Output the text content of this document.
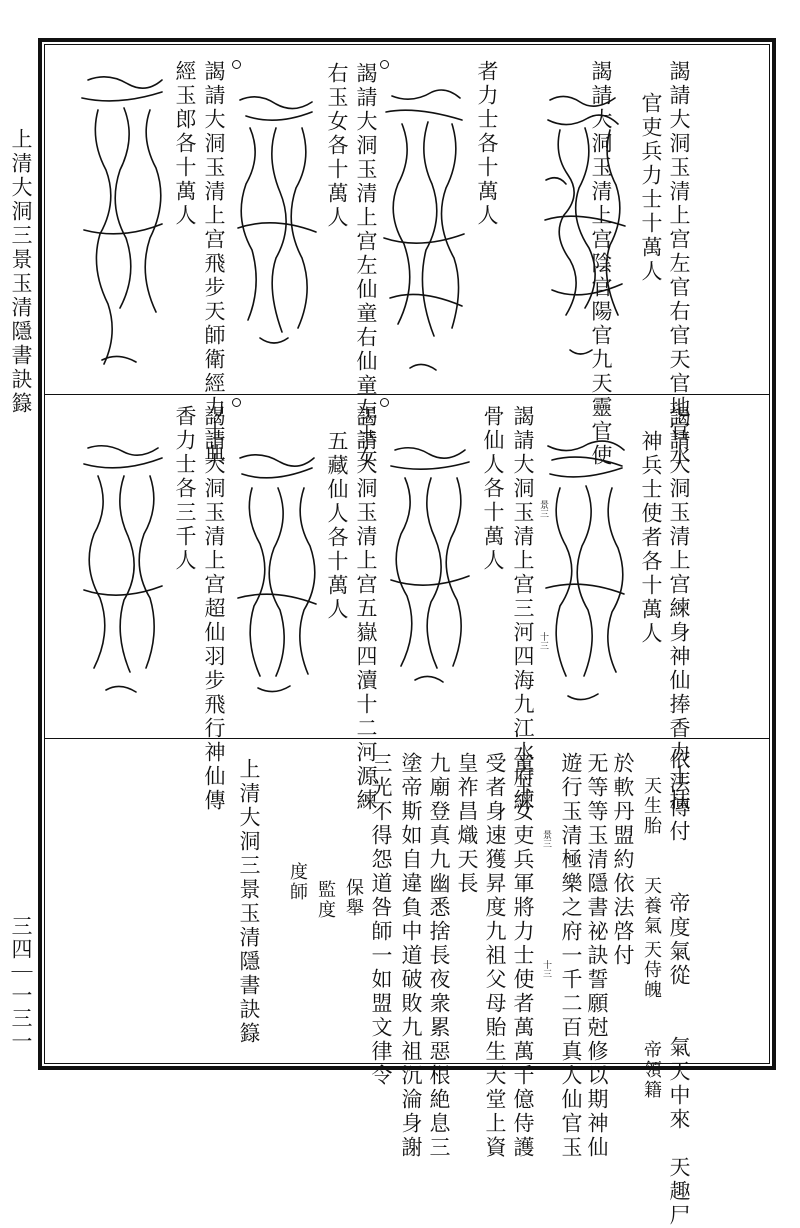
上清大洞三景玉清隱書訣籙
三四｜一三一
謁請大洞玉清上宫左官右官天官地官水
官吏兵力士十萬人
謁請大洞玉清上宫陰官陽官九天靈官使
者力士各十萬人
謁請大洞玉清上宫左仙童右仙童左玉女
右玉女各十萬人
謁請大洞玉清上宫飛步天師衛經力士典
經玉郎各十萬人
謁請大洞玉清上宫練身神仙捧香力士扶
神兵士使者各十萬人
景三
十三
謁請大洞玉清上宫三河四海九江水府練
骨仙人各十萬人
謁請大洞玉清上宫五嶽四瀆十二河源練
五藏仙人各十萬人
謁請大洞玉清上宫超仙羽步飛行神仙傳
香力士各三千人
依法傳付　　帝度氣從　　氣天中來　天趣尸
天生胎　　天養氣
天侍魄　　帝領籍
於軟丹盟約依法啓付
无等等玉清隱書祕訣誓願尅修以期神仙
遊行玉清極樂之府一千二百真人仙官玉
景三
十三
童玉女吏兵軍將力士使者萬萬千億侍護
受者身速獲昇度九祖父母貽生天堂上資
皇祚昌熾天長
九廟登真九幽悉捨長夜衆累惡根絶息三
塗帝斯如自違負中道破敗九祖沉淪身謝
三光不得怨道咎師一如盟文律令
保舉
監度
度師
上清大洞三景玉清隱書訣籙
